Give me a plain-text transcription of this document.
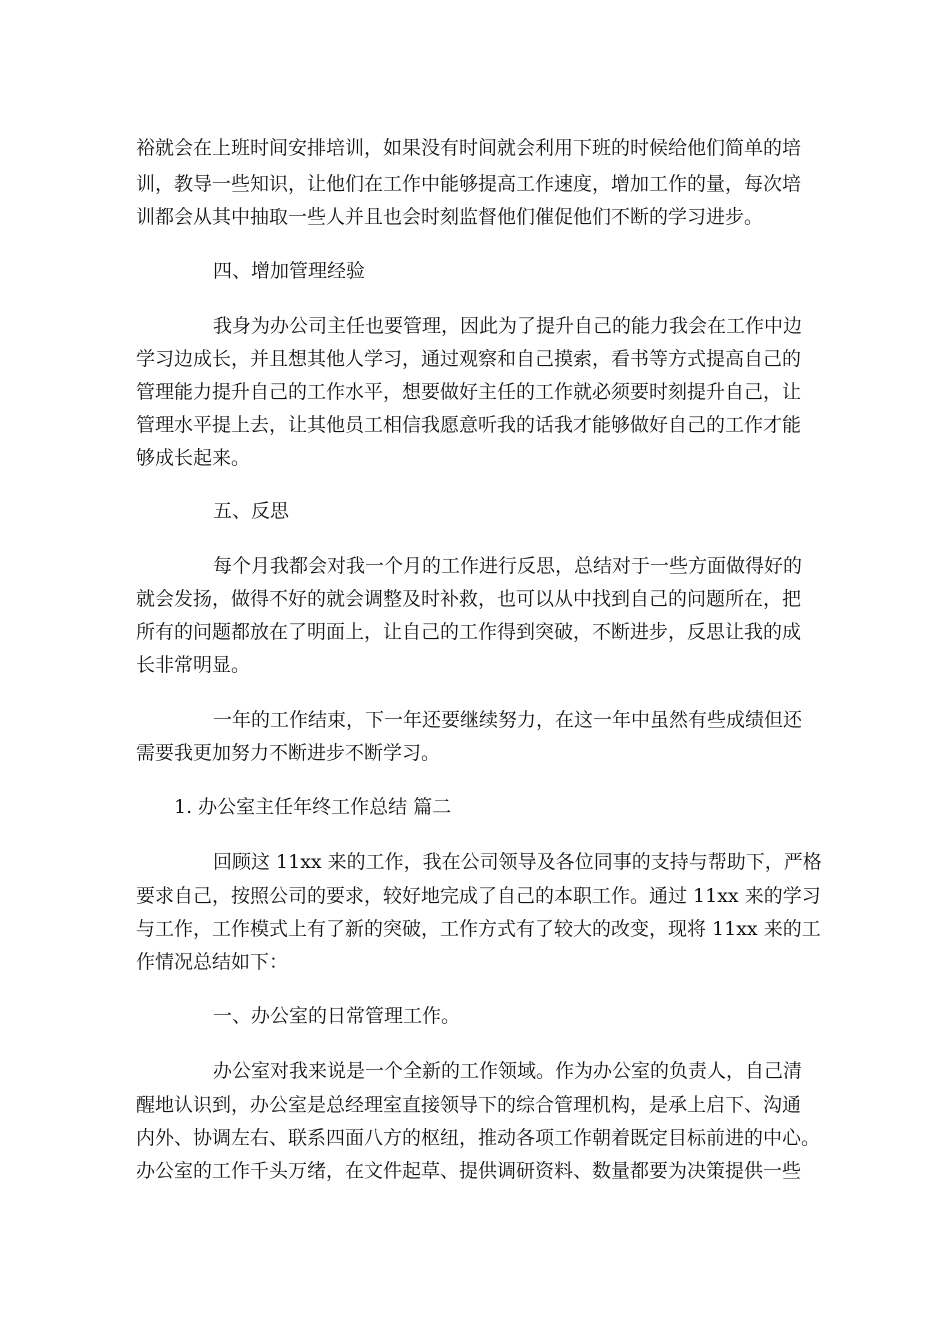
裕就会在上班时间安排培训，如果没有时间就会利用下班的时候给他们简单的培
训，教导一些知识，让他们在工作中能够提高工作速度，增加工作的量，每次培
训都会从其中抽取一些人并且也会时刻监督他们催促他们不断的学习进步。
四、增加管理经验
我身为办公司主任也要管理，因此为了提升自己的能力我会在工作中边
学习边成长，并且想其他人学习，通过观察和自己摸索，看书等方式提高自己的
管理能力提升自己的工作水平，想要做好主任的工作就必须要时刻提升自己，让
管理水平提上去，让其他员工相信我愿意听我的话我才能够做好自己的工作才能
够成长起来。
五、反思
每个月我都会对我一个月的工作进行反思，总结对于一些方面做得好的
就会发扬，做得不好的就会调整及时补救，也可以从中找到自己的问题所在，把
所有的问题都放在了明面上，让自己的工作得到突破，不断进步，反思让我的成
长非常明显。
一年的工作结束，下一年还要继续努力，在这一年中虽然有些成绩但还
需要我更加努力不断进步不断学习。
1. 办公室主任年终工作总结 篇二
回顾这 11xx 来的工作，我在公司领导及各位同事的支持与帮助下，严格
要求自己，按照公司的要求，较好地完成了自己的本职工作。通过 11xx 来的学习
与工作，工作模式上有了新的突破，工作方式有了较大的改变，现将 11xx 来的工
作情况总结如下：
一、办公室的日常管理工作。
办公室对我来说是一个全新的工作领域。作为办公室的负责人，自己清
醒地认识到，办公室是总经理室直接领导下的综合管理机构，是承上启下、沟通
内外、协调左右、联系四面八方的枢纽，推动各项工作朝着既定目标前进的中心。
办公室的工作千头万绪，在文件起草、提供调研资料、数量都要为决策提供一些
